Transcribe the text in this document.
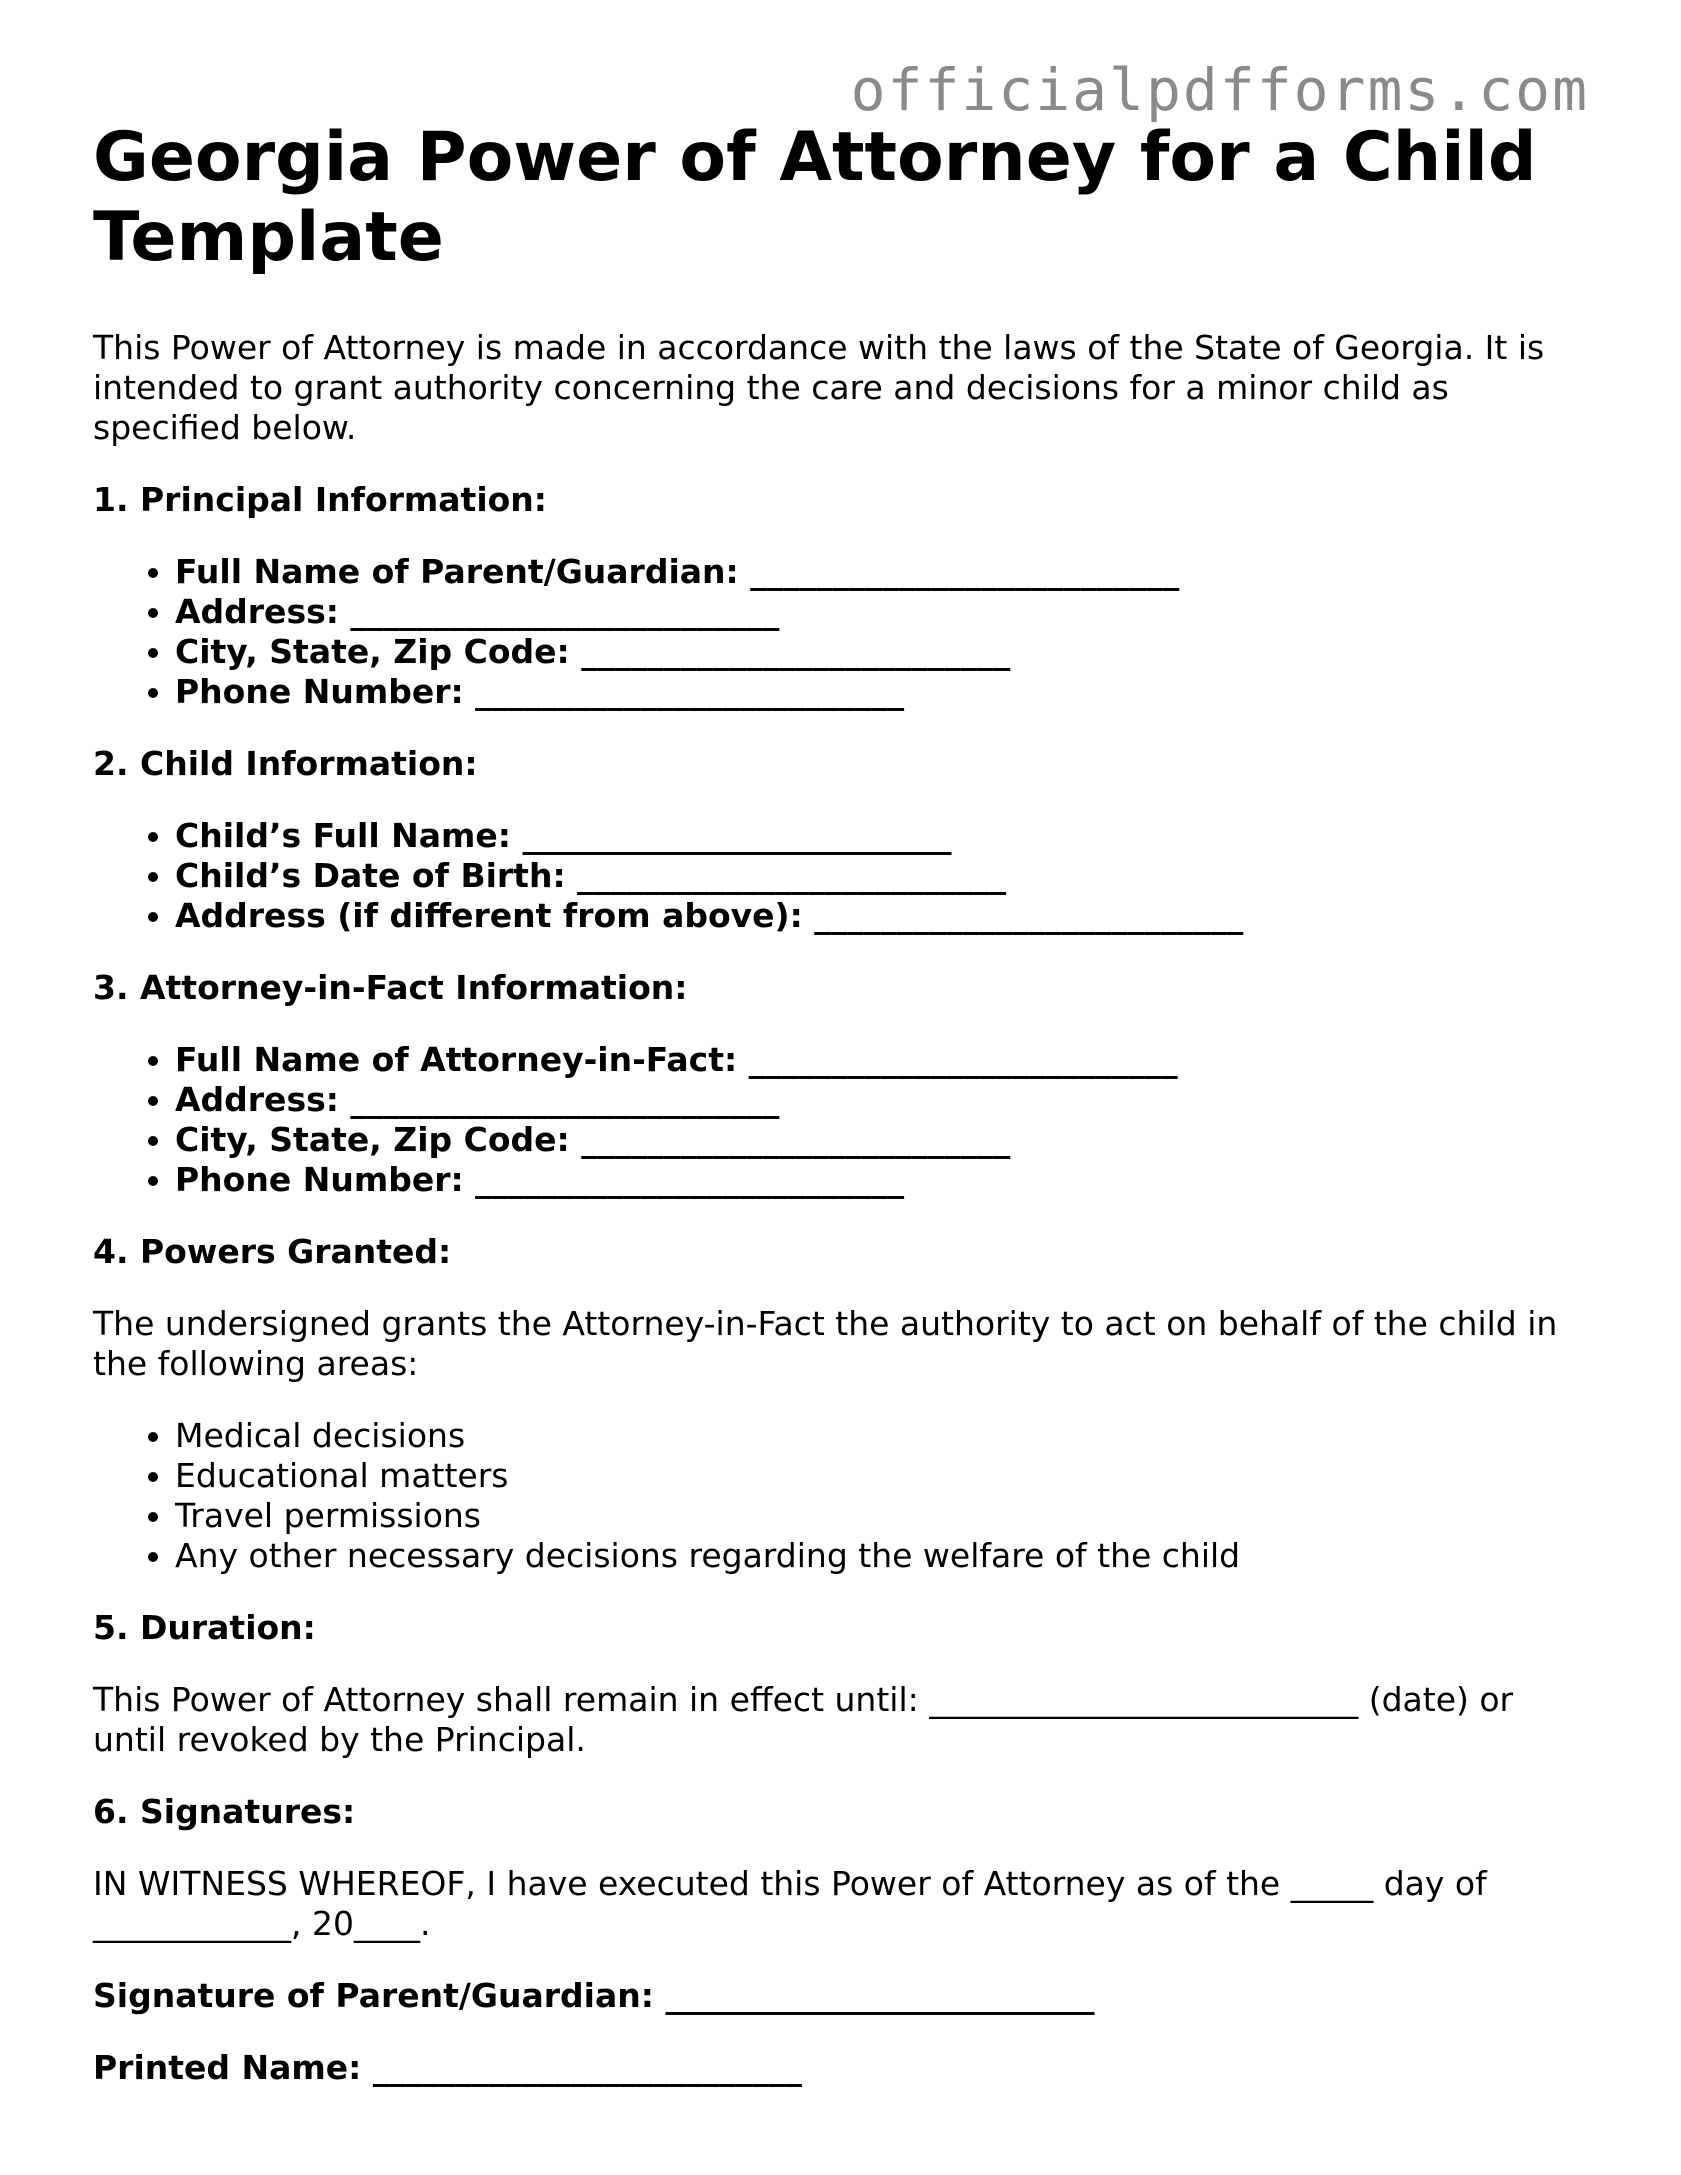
officialpdfforms.com
Georgia Power of Attorney for a Child Template

This Power of Attorney is made in accordance with the laws of the State of Georgia. It is intended to grant authority concerning the care and decisions for a minor child as specified below.

1. Principal Information:

• Full Name of Parent/Guardian: __________________________
• Address: __________________________
• City, State, Zip Code: __________________________
• Phone Number: __________________________

2. Child Information:

• Child’s Full Name: __________________________
• Child’s Date of Birth: __________________________
• Address (if different from above): __________________________

3. Attorney-in-Fact Information:

• Full Name of Attorney-in-Fact: __________________________
• Address: __________________________
• City, State, Zip Code: __________________________
• Phone Number: __________________________

4. Powers Granted:

The undersigned grants the Attorney-in-Fact the authority to act on behalf of the child in the following areas:

• Medical decisions
• Educational matters
• Travel permissions
• Any other necessary decisions regarding the welfare of the child

5. Duration:

This Power of Attorney shall remain in effect until: __________________________ (date) or until revoked by the Principal.

6. Signatures:

IN WITNESS WHEREOF, I have executed this Power of Attorney as of the _____ day of ____________, 20____.

Signature of Parent/Guardian: __________________________

Printed Name: __________________________
